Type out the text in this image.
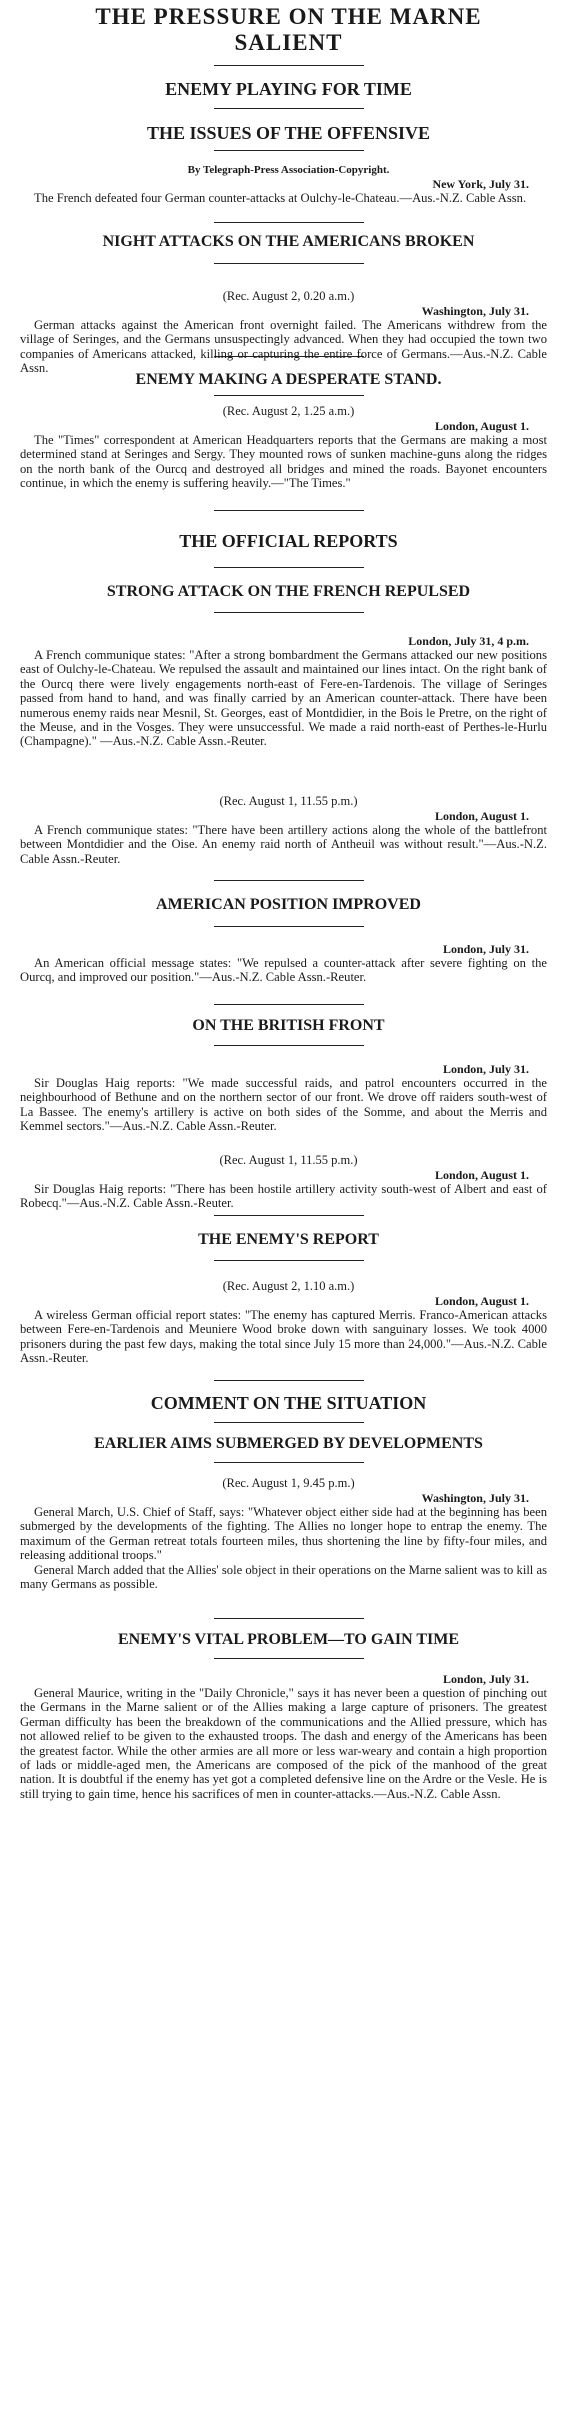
THE PRESSURE ON THE MARNE SALIENT
ENEMY PLAYING FOR TIME
THE ISSUES OF THE OFFENSIVE
By Telegraph-Press Association-Copyright.
New York, July 31.

The French defeated four German counter-attacks at Oulchy-le-Chateau.—Aus.-N.Z. Cable Assn.

NIGHT ATTACKS ON THE AMERICANS BROKEN
(Rec. August 2, 0.20 a.m.)
Washington, July 31.

German attacks against the American front overnight failed. The Americans withdrew from the village of Seringes, and the Germans unsuspectingly advanced. When they had occupied the town two companies of Americans attacked, killing or capturing the entire force of Germans.—Aus.-N.Z. Cable Assn.

ENEMY MAKING A DESPERATE STAND.
(Rec. August 2, 1.25 a.m.)
London, August 1.

The "Times" correspondent at American Headquarters reports that the Germans are making a most determined stand at Seringes and Sergy. They mounted rows of sunken machine-guns along the ridges on the north bank of the Ourcq and destroyed all bridges and mined the roads. Bayonet encounters continue, in which the enemy is suffering heavily.—"The Times."

THE OFFICIAL REPORTS
STRONG ATTACK ON THE FRENCH REPULSED
London, July 31, 4 p.m.

A French communique states: "After a strong bombardment the Germans attacked our new positions east of Oulchy-le-Chateau. We repulsed the assault and maintained our lines intact. On the right bank of the Ourcq there were lively engagements north-east of Fere-en-Tardenois. The village of Seringes passed from hand to hand, and was finally carried by an American counter-attack. There have been numerous enemy raids near Mesnil, St. Georges, east of Montdidier, in the Bois le Pretre, on the right of the Meuse, and in the Vosges. They were unsuccessful. We made a raid north-east of Perthes-le-Hurlu (Champagne)." —Aus.-N.Z. Cable Assn.-Reuter.

(Rec. August 1, 11.55 p.m.)
London, August 1.

A French communique states: "There have been artillery actions along the whole of the battlefront between Montdidier and the Oise. An enemy raid north of Antheuil was without result."—Aus.-N.Z. Cable Assn.-Reuter.

AMERICAN POSITION IMPROVED
London, July 31.

An American official message states: "We repulsed a counter-attack after severe fighting on the Ourcq, and improved our position."—Aus.-N.Z. Cable Assn.-Reuter.

ON THE BRITISH FRONT
London, July 31.

Sir Douglas Haig reports: "We made successful raids, and patrol encounters occurred in the neighbourhood of Bethune and on the northern sector of our front. We drove off raiders south-west of La Bassee. The enemy's artillery is active on both sides of the Somme, and about the Merris and Kemmel sectors."—Aus.-N.Z. Cable Assn.-Reuter.

(Rec. August 1, 11.55 p.m.)
London, August 1.

Sir Douglas Haig reports: "There has been hostile artillery activity south-west of Albert and east of Robecq."—Aus.-N.Z. Cable Assn.-Reuter.

THE ENEMY'S REPORT
(Rec. August 2, 1.10 a.m.)
London, August 1.

A wireless German official report states: "The enemy has captured Merris. Franco-American attacks between Fere-en-Tardenois and Meuniere Wood broke down with sanguinary losses. We took 4000 prisoners during the past few days, making the total since July 15 more than 24,000."—Aus.-N.Z. Cable Assn.-Reuter.

COMMENT ON THE SITUATION
EARLIER AIMS SUBMERGED BY DEVELOPMENTS
(Rec. August 1, 9.45 p.m.)
Washington, July 31.

General March, U.S. Chief of Staff, says: "Whatever object either side had at the beginning has been submerged by the developments of the fighting. The Allies no longer hope to entrap the enemy. The maximum of the German retreat totals fourteen miles, thus shortening the line by fifty-four miles, and releasing additional troops."

General March added that the Allies' sole object in their operations on the Marne salient was to kill as many Germans as possible.

ENEMY'S VITAL PROBLEM—TO GAIN TIME
London, July 31.

General Maurice, writing in the "Daily Chronicle," says it has never been a question of pinching out the Germans in the Marne salient or of the Allies making a large capture of prisoners. The greatest German difficulty has been the breakdown of the communications and the Allied pressure, which has not allowed relief to be given to the exhausted troops. The dash and energy of the Americans has been the greatest factor. While the other armies are all more or less war-weary and contain a high proportion of lads or middle-aged men, the Americans are composed of the pick of the manhood of the great nation. It is doubtful if the enemy has yet got a completed defensive line on the Ardre or the Vesle. He is still trying to gain time, hence his sacrifices of men in counter-attacks.—Aus.-N.Z. Cable Assn.
